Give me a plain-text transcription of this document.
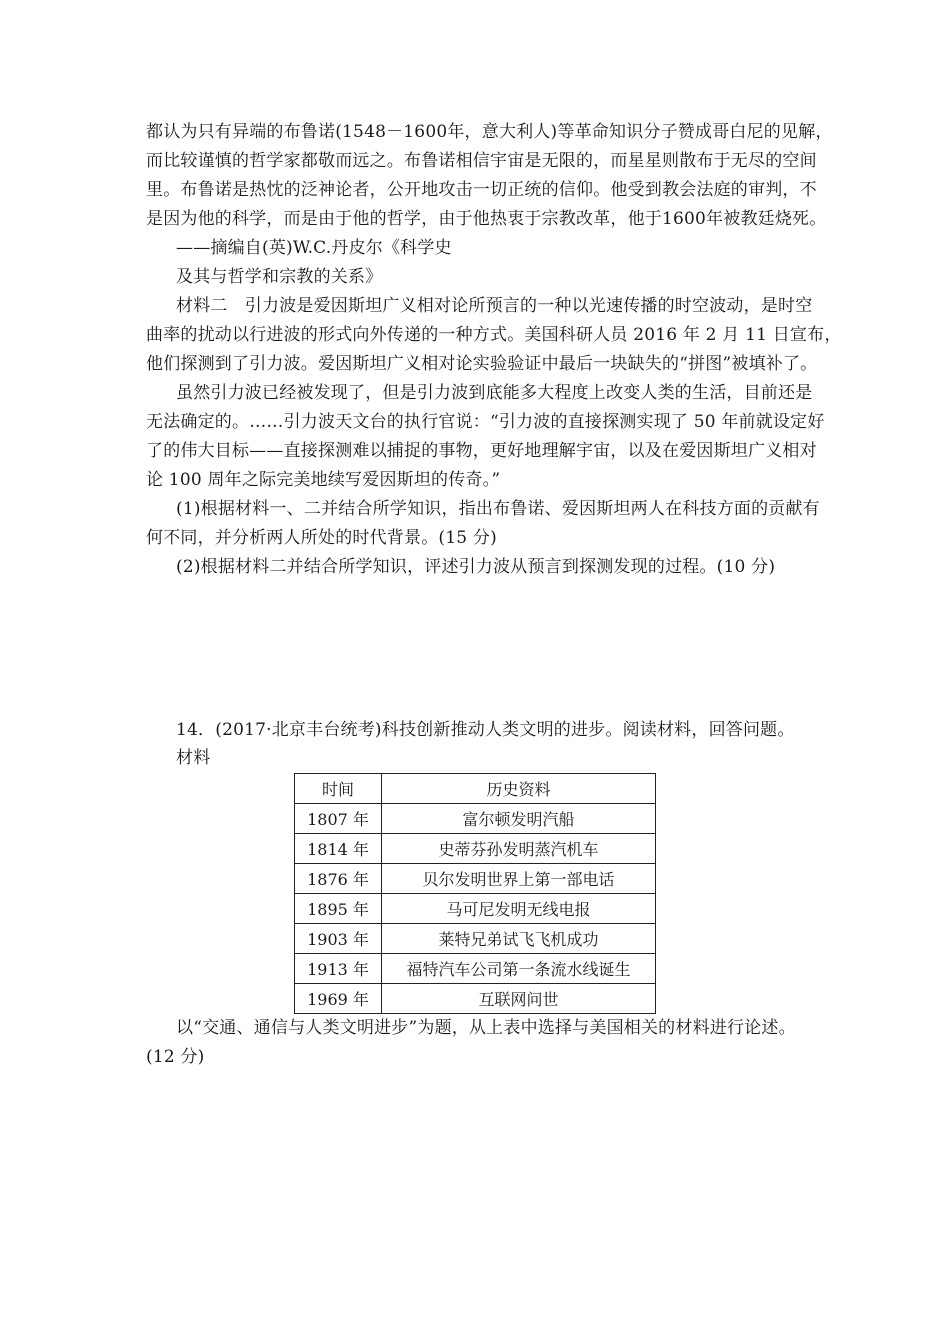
都认为只有异端的布鲁诺(1548－1600年，意大利人)等革命知识分子赞成哥白尼的见解，
而比较谨慎的哲学家都敬而远之。布鲁诺相信宇宙是无限的，而星星则散布于无尽的空间
里。布鲁诺是热忱的泛神论者，公开地攻击一切正统的信仰。他受到教会法庭的审判，不
是因为他的科学，而是由于他的哲学，由于他热衷于宗教改革，他于1600年被教廷烧死。
——摘编自(英)W.C.丹皮尔《科学史
及其与哲学和宗教的关系》
材料二　引力波是爱因斯坦广义相对论所预言的一种以光速传播的时空波动，是时空
曲率的扰动以行进波的形式向外传递的一种方式。美国科研人员 2016 年 2 月 11 日宣布，
他们探测到了引力波。爱因斯坦广义相对论实验验证中最后一块缺失的“拼图”被填补了。
虽然引力波已经被发现了，但是引力波到底能多大程度上改变人类的生活，目前还是
无法确定的。……引力波天文台的执行官说：“引力波的直接探测实现了 50 年前就设定好
了的伟大目标——直接探测难以捕捉的事物，更好地理解宇宙，以及在爱因斯坦广义相对
论 100 周年之际完美地续写爱因斯坦的传奇。”
(1)根据材料一、二并结合所学知识，指出布鲁诺、爱因斯坦两人在科技方面的贡献有
何不同，并分析两人所处的时代背景。(15 分)
(2)根据材料二并结合所学知识，评述引力波从预言到探测发现的过程。(10 分)
14．(2017·北京丰台统考)科技创新推动人类文明的进步。阅读材料，回答问题。
材料
时间	历史资料
1807 年	富尔顿发明汽船
1814 年	史蒂芬孙发明蒸汽机车
1876 年	贝尔发明世界上第一部电话
1895 年	马可尼发明无线电报
1903 年	莱特兄弟试飞飞机成功
1913 年	福特汽车公司第一条流水线诞生
1969 年	互联网问世
以“交通、通信与人类文明进步”为题，从上表中选择与美国相关的材料进行论述。
(12 分)
